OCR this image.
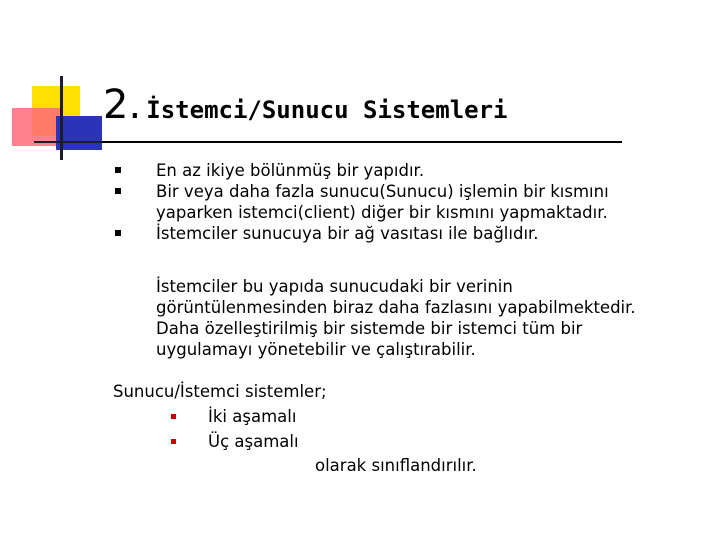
2. İstemci/Sunucu Sistemleri
En az ikiye bölünmüş bir yapıdır.
Bir veya daha fazla sunucu(Sunucu) işlemin bir kısmını
yaparken istemci(client) diğer bir kısmını yapmaktadır.
İstemciler sunucuya bir ağ vasıtası ile bağlıdır.
İstemciler bu yapıda sunucudaki bir verinin
görüntülenmesinden biraz daha fazlasını yapabilmektedir.
Daha özelleştirilmiş bir sistemde bir istemci tüm bir
uygulamayı yönetebilir ve çalıştırabilir.
Sunucu/İstemci sistemler;
İki aşamalı
Üç aşamalı
olarak sınıflandırılır.
